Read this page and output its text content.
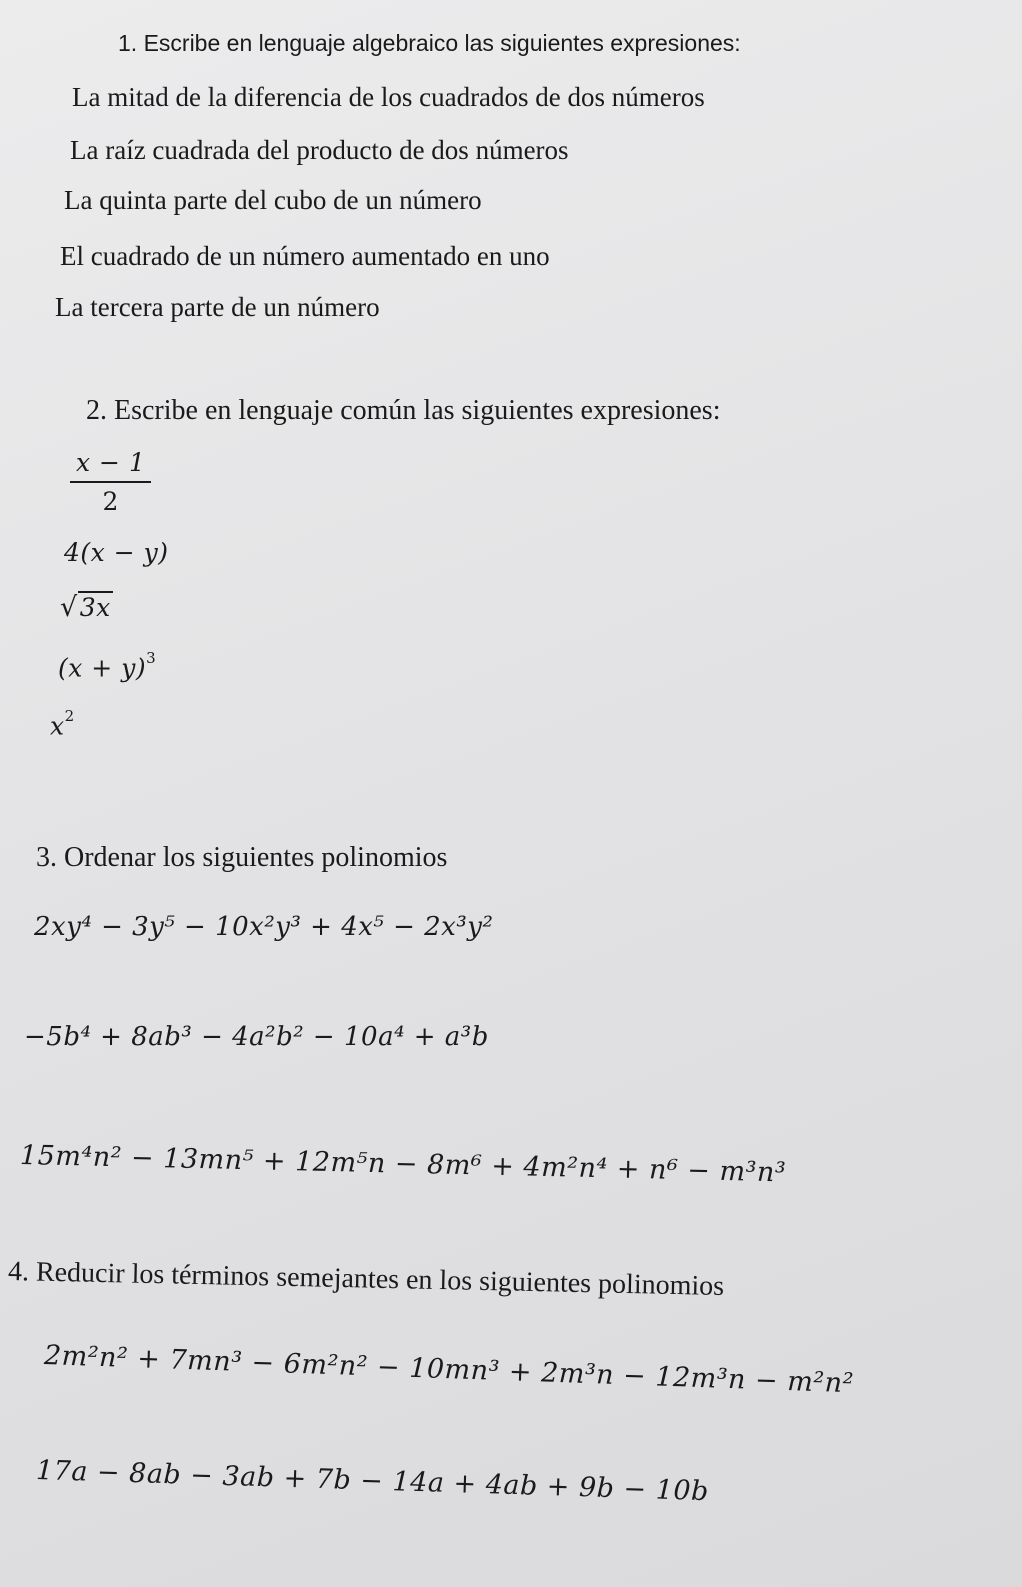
1. Escribe en lenguaje algebraico las siguientes expresiones:
La mitad de la diferencia de los cuadrados de dos números
La raíz cuadrada del producto de dos números
La quinta parte del cubo de un número
El cuadrado de un número aumentado en uno
La tercera parte de un número
2. Escribe en lenguaje común las siguientes expresiones:
$\frac{x - 1}{2}$
4(x − y)
√3x
$(x + y)^3$
$x^2$
3. Ordenar los siguientes polinomios
2xy⁴ − 3y⁵ − 10x²y³ + 4x⁵ − 2x³y²
−5b⁴ + 8ab³ − 4a²b² − 10a⁴ + a³b
15m⁴n² − 13mn⁵ + 12m⁵n − 8m⁶ + 4m²n⁴ + n⁶ − m³n³
4. Reducir los términos semejantes en los siguientes polinomios
2m²n² + 7mn³ − 6m²n² − 10mn³ + 2m³n − 12m³n − m²n²
17a − 8ab − 3ab + 7b − 14a + 4ab + 9b − 10b
